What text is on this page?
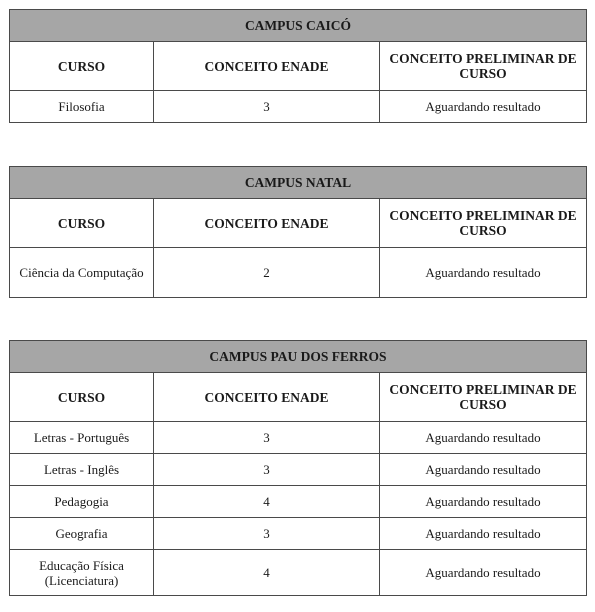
CAMPUS CAICÓ		
CURSO	CONCEITO ENADE	CONCEITO PRELIMINAR DE CURSO
Filosofia	3	Aguardando resultado
CAMPUS NATAL		
CURSO	CONCEITO ENADE	CONCEITO PRELIMINAR DE CURSO
Ciência da Computação	2	Aguardando resultado
CAMPUS PAU DOS FERROS		
CURSO	CONCEITO ENADE	CONCEITO PRELIMINAR DE CURSO
Letras - Português	3	Aguardando resultado
Letras - Inglês	3	Aguardando resultado
Pedagogia	4	Aguardando resultado
Geografia	3	Aguardando resultado
Educação Física (Licenciatura)	4	Aguardando resultado
